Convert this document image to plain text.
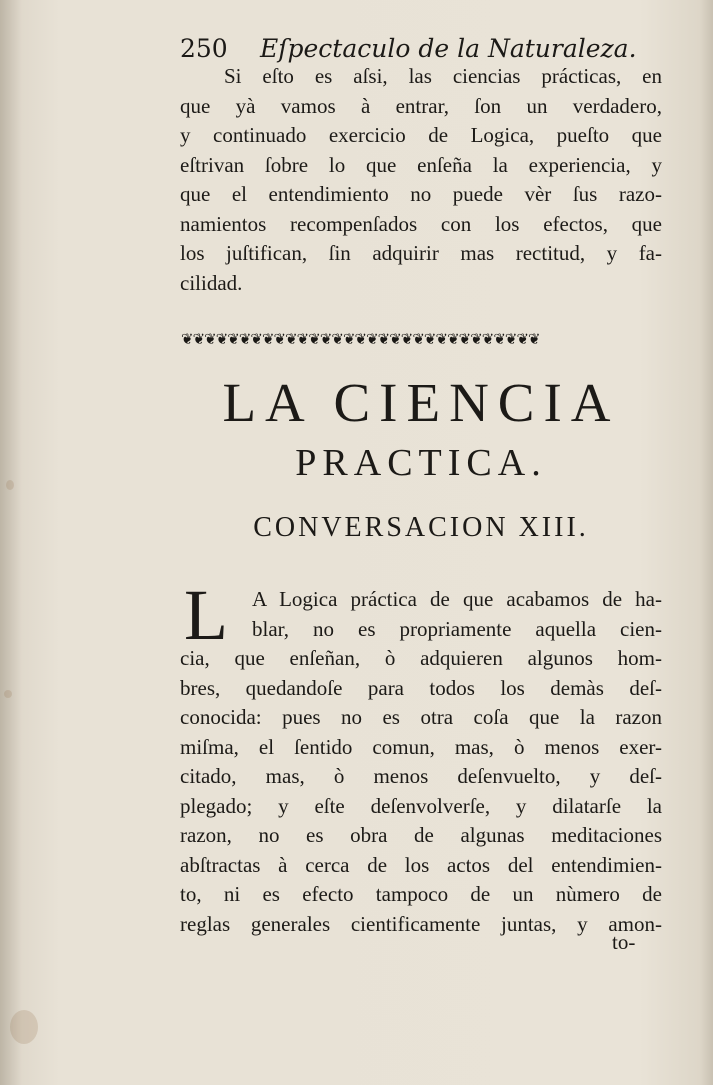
250 Eſpectaculo de la Naturaleza.
Si eſto es aſsi, las ciencias prácticas, en
que yà vamos à entrar, ſon un verdadero,
y continuado exercicio de Logica, pueſto que
eſtrivan ſobre lo que enſeña la experiencia, y
que el entendimiento no puede vèr ſus razo-
namientos recompenſados con los efectos, que
los juſtifican, ſin adquirir mas rectitud, y fa-
cilidad.
❦❦❦❦❦❦❦❦❦❦❦❦❦❦❦❦❦❦❦❦❦❦❦❦❦❦❦❦❦❦❦
LA CIENCIA
PRACTICA.
CONVERSACION XIII.
L	A Logica práctica de que acabamos de ha-
blar, no es propriamente aquella cien-
cia, que enſeñan, ò adquieren algunos hom-
bres, quedandoſe para todos los demàs deſ-
conocida: pues no es otra coſa que la razon
miſma, el ſentido comun, mas, ò menos exer-
citado, mas, ò menos deſenvuelto, y deſ-
plegado; y eſte deſenvolverſe, y dilatarſe la
razon, no es obra de algunas meditaciones
abſtractas à cerca de los actos del entendimien-
to, ni es efecto tampoco de un nùmero de
reglas generales cientificamente juntas, y amon-
to-
